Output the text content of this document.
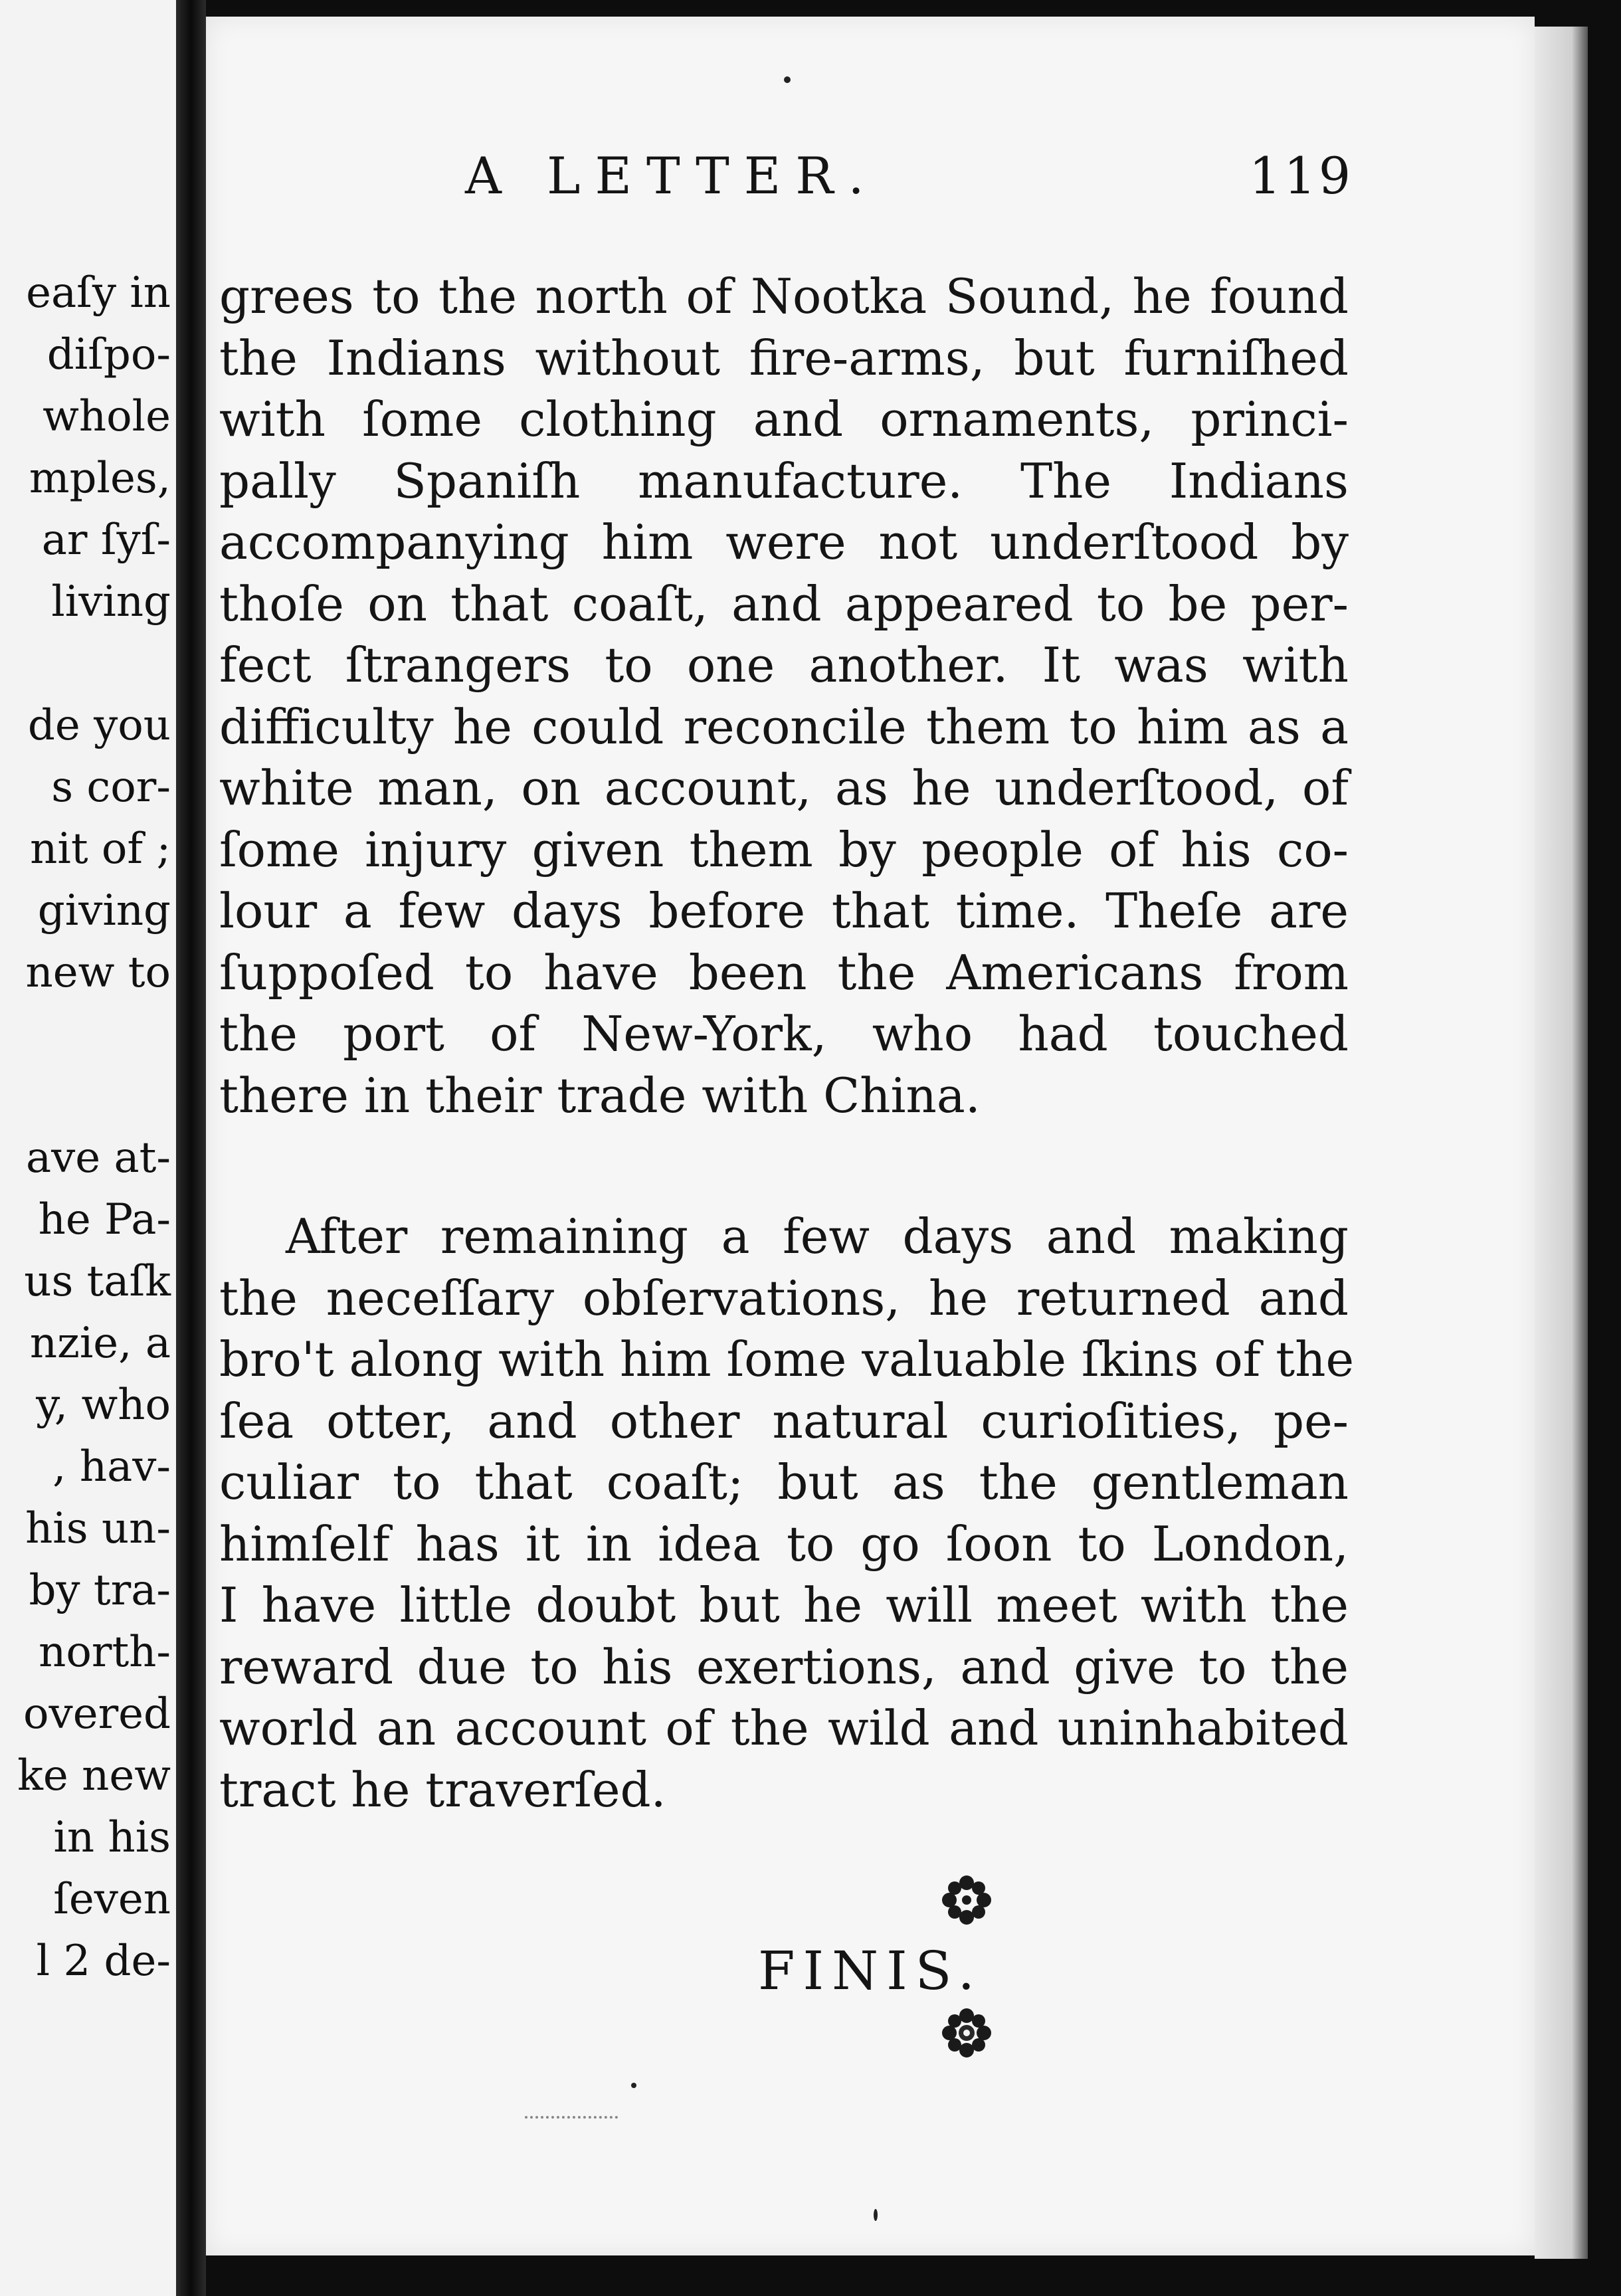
eaſy in
diſpo-
whole
mples,
ar ſyſ-
living
de you
s cor-
nit of ;
giving
new to
ave at-
he Pa-
us taſk
nzie, a
y, who
, hav-
his un-
by tra-
north-
overed
ke new
in his
ſeven
l 2 de-
A LETTER.	119
grees to the north of Nootka Sound, he found
the Indians without fire-arms, but furniſhed
with ſome clothing and ornaments, princi-
pally Spaniſh manufacture. The Indians
accompanying him were not underſtood by
thoſe on that coaſt, and appeared to be per-
fect ſtrangers to one another. It was with
difficulty he could reconcile them to him as a
white man, on account, as he underſtood, of
ſome injury given them by people of his co-
lour a few days before that time. Theſe are
ſuppoſed to have been the Americans from
the port of New-York, who had touched
there in their trade with China.
After remaining a few days and making
the neceſſary obſervations, he returned and
bro't along with him ſome valuable ſkins of the
ſea otter, and other natural curioſities, pe-
culiar to that coaſt; but as the gentleman
himſelf has it in idea to go ſoon to London,
I have little doubt but he will meet with the
reward due to his exertions, and give to the
world an account of the wild and uninhabited
tract he traverſed.
FINIS.
